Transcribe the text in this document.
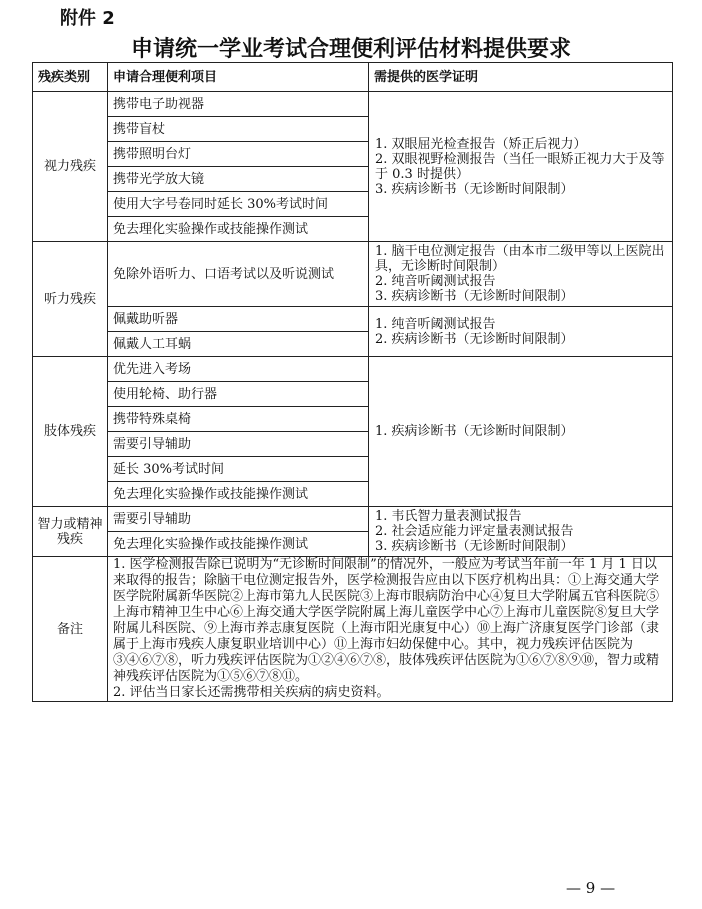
附件 2
申请统一学业考试合理便利评估材料提供要求
残疾类别	申请合理便利项目	需提供的医学证明
视力残疾	携带电子助视器	1. 双眼屈光检查报告（矫正后视力）
2. 双眼视野检测报告（当任一眼矫正视力大于及等于 0.3 时提供）
3. 疾病诊断书（无诊断时间限制）

	携带盲杖	
	携带照明台灯	
	携带光学放大镜	
	使用大字号卷同时延长 30%考试时间	
	免去理化实验操作或技能操作测试	
听力残疾	免除外语听力、口语考试以及听说测试	1. 脑干电位测定报告（由本市二级甲等以上医院出具，无诊断时间限制）
2. 纯音听阈测试报告
3. 疾病诊断书（无诊断时间限制）

	佩戴助听器	1. 纯音听阈测试报告
2. 疾病诊断书（无诊断时间限制）

	佩戴人工耳蜗	
肢体残疾	优先进入考场	1. 疾病诊断书（无诊断时间限制）

	使用轮椅、助行器	
	携带特殊桌椅	
	需要引导辅助	
	延长 30%考试时间	
	免去理化实验操作或技能操作测试	
智力或精神残疾	需要引导辅助	1. 韦氏智力量表测试报告
2. 社会适应能力评定量表测试报告
3. 疾病诊断书（无诊断时间限制）

	免去理化实验操作或技能操作测试	
备注	1. 医学检测报告除已说明为“无诊断时间限制”的情况外，一般应为考试当年前一年 1 月 1 日以来取得的报告；除脑干电位测定报告外，医学检测报告应由以下医疗机构出具：①上海交通大学医学院附属新华医院②上海市第九人民医院③上海市眼病防治中心④复旦大学附属五官科医院⑤上海市精神卫生中心⑥上海交通大学医学院附属上海儿童医学中心⑦上海市儿童医院⑧复旦大学附属儿科医院、⑨上海市养志康复医院（上海市阳光康复中心）⑩上海广济康复医学门诊部（隶属于上海市残疾人康复职业培训中心）⑪上海市妇幼保健中心。其中，视力残疾评估医院为③④⑥⑦⑧，听力残疾评估医院为①②④⑥⑦⑧，肢体残疾评估医院为①⑥⑦⑧⑨⑩，智力或精神残疾评估医院为①⑤⑥⑦⑧⑪。
2. 评估当日家长还需携带相关疾病的病史资料。	
— 9 —
